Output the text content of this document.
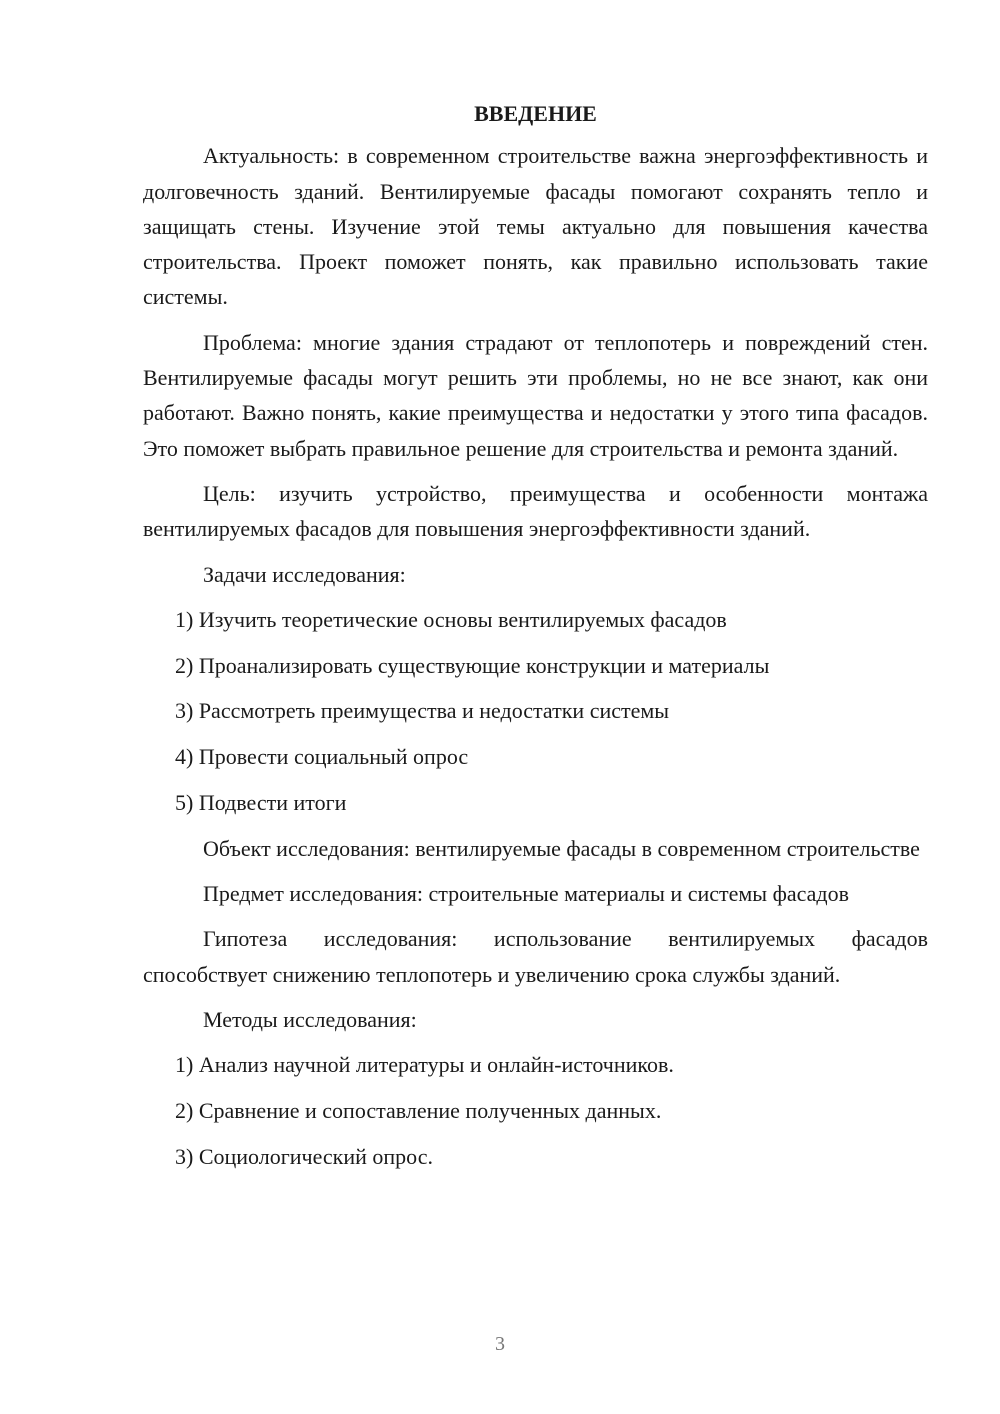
ВВЕДЕНИЕ

Актуальность: в современном строительстве важна энергоэффективность и долговечность зданий. Вентилируемые фасады помогают сохранять тепло и защищать стены. Изучение этой темы актуально для повышения качества строительства. Проект поможет понять, как правильно использовать такие системы.

Проблема: многие здания страдают от теплопотерь и повреждений стен. Вентилируемые фасады могут решить эти проблемы, но не все знают, как они работают. Важно понять, какие преимущества и недостатки у этого типа фасадов. Это поможет выбрать правильное решение для строительства и ремонта зданий.

Цель: изучить устройство, преимущества и особенности монтажа вентилируемых фасадов для повышения энергоэффективности зданий.

Задачи исследования:

1) Изучить теоретические основы вентилируемых фасадов
2) Проанализировать существующие конструкции и материалы
3) Рассмотреть преимущества и недостатки системы
4) Провести социальный опрос
5) Подвести итоги

Объект исследования: вентилируемые фасады в современном строительстве

Предмет исследования: строительные материалы и системы фасадов

Гипотеза исследования: использование вентилируемых фасадов способствует снижению теплопотерь и увеличению срока службы зданий.

Методы исследования:

1) Анализ научной литературы и онлайн-источников.
2) Сравнение и сопоставление полученных данных.
3) Социологический опрос.
3
